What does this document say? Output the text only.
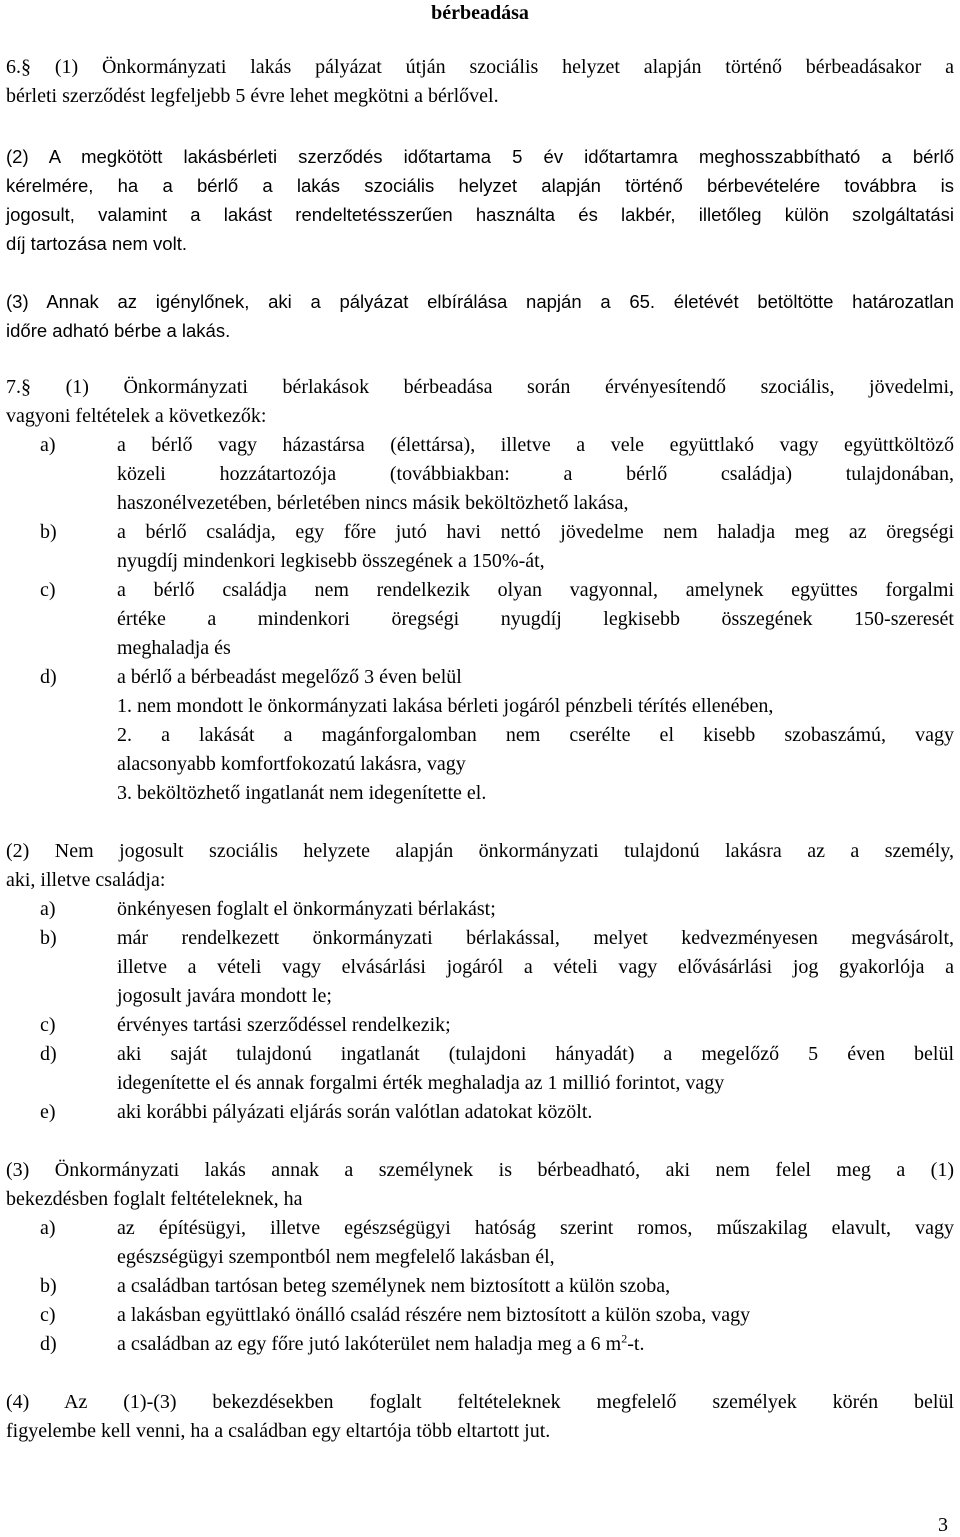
bérbeadása
6.§ (1) Önkormányzati lakás pályázat útján szociális helyzet alapján történő bérbeadásakor a
bérleti szerződést legfeljebb 5 évre lehet megkötni a bérlővel.
(2) A megkötött lakásbérleti szerződés időtartama 5 év időtartamra meghosszabbítható a bérlő
kérelmére, ha a bérlő a lakás szociális helyzet alapján történő bérbevételére továbbra is
jogosult, valamint a lakást rendeltetésszerűen használta és lakbér, illetőleg külön szolgáltatási
díj tartozása nem volt.
(3) Annak az igénylőnek, aki a pályázat elbírálása napján a 65. életévét betöltötte határozatlan
időre adható bérbe a lakás.
7.§ (1) Önkormányzati bérlakások bérbeadása során érvényesítendő szociális, jövedelmi,
vagyoni feltételek a következők:
a)	a bérlő vagy házastársa (élettársa), illetve a vele együttlakó vagy együttköltöző
közeli hozzátartozója (továbbiakban: a bérlő családja) tulajdonában,
haszonélvezetében, bérletében nincs másik beköltözhető lakása,
b)	a bérlő családja, egy főre jutó havi nettó jövedelme nem haladja meg az öregségi
nyugdíj mindenkori legkisebb összegének a 150%-át,
c)	a bérlő családja nem rendelkezik olyan vagyonnal, amelynek együttes forgalmi
értéke a mindenkori öregségi nyugdíj legkisebb összegének 150-szeresét
meghaladja és
d)	a bérlő a bérbeadást megelőző 3 éven belül
1. nem mondott le önkormányzati lakása bérleti jogáról pénzbeli térítés ellenében,
2. a lakását a magánforgalomban nem cserélte el kisebb szobaszámú, vagy
alacsonyabb komfortfokozatú lakásra, vagy
3. beköltözhető ingatlanát nem idegenítette el.
(2) Nem jogosult szociális helyzete alapján önkormányzati tulajdonú lakásra az a személy,
aki, illetve családja:
a)	önkényesen foglalt el önkormányzati bérlakást;
b)	már rendelkezett önkormányzati bérlakással, melyet kedvezményesen megvásárolt,
illetve a vételi vagy elvásárlási jogáról a vételi vagy elővásárlási jog gyakorlója a
jogosult javára mondott le;
c)	érvényes tartási szerződéssel rendelkezik;
d)	aki saját tulajdonú ingatlanát (tulajdoni hányadát) a megelőző 5 éven belül
idegenítette el és annak forgalmi érték meghaladja az 1 millió forintot, vagy
e)	aki korábbi pályázati eljárás során valótlan adatokat közölt.
(3) Önkormányzati lakás annak a személynek is bérbeadható, aki nem felel meg a (1)
bekezdésben foglalt feltételeknek, ha
a)	az építésügyi, illetve egészségügyi hatóság szerint romos, műszakilag elavult, vagy
egészségügyi szempontból nem megfelelő lakásban él,
b)	a családban tartósan beteg személynek nem biztosított a külön szoba,
c)	a lakásban együttlakó önálló család részére nem biztosított a külön szoba, vagy
d)	a családban az egy főre jutó lakóterület nem haladja meg a 6 $m^2-t$.
(4) Az (1)-(3) bekezdésekben foglalt feltételeknek megfelelő személyek körén belül
figyelembe kell venni, ha a családban egy eltartója több eltartott jut.
3
